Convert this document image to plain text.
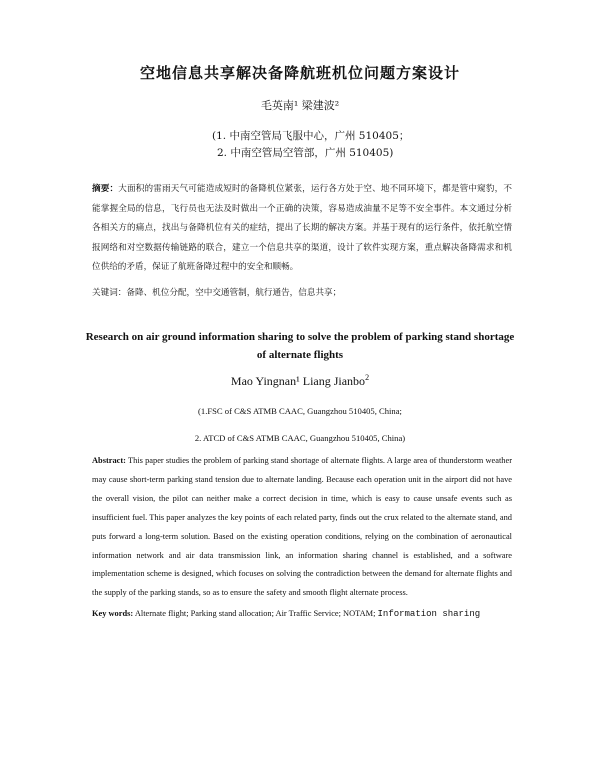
空地信息共享解决备降航班机位问题方案设计
毛英南¹ 梁建波²
(1. 中南空管局飞服中心，广州 510405；
2. 中南空管局空管部，广州 510405)
摘要：大面积的雷雨天气可能造成短时的备降机位紧张，运行各方处于空、地不同环境下，都是管中窥豹，不能掌握全局的信息，飞行员也无法及时做出一个正确的决策，容易造成油量不足等不安全事件。本文通过分析各相关方的痛点，找出与备降机位有关的症结，提出了长期的解决方案。并基于现有的运行条件，依托航空情报网络和对空数据传输链路的联合，建立一个信息共享的渠道，设计了软件实现方案，重点解决备降需求和机位供给的矛盾，保证了航班备降过程中的安全和顺畅。
关键词：备降、机位分配，空中交通管制，航行通告，信息共享；
Research on air ground information sharing to solve the problem of parking stand shortage of alternate flights
Mao Yingnan¹ Liang Jianbo$^2$
(1.FSC of C&S ATMB CAAC, Guangzhou 510405, China;
2. ATCD of C&S ATMB CAAC, Guangzhou 510405, China)
Abstract: This paper studies the problem of parking stand shortage of alternate flights. A large area of thunderstorm weather may cause short-term parking stand tension due to alternate landing. Because each operation unit in the airport did not have the overall vision, the pilot can neither make a correct decision in time, which is easy to cause unsafe events such as insufficient fuel. This paper analyzes the key points of each related party, finds out the crux related to the alternate stand, and puts forward a long-term solution. Based on the existing operation conditions, relying on the combination of aeronautical information network and air data transmission link, an information sharing channel is established, and a software implementation scheme is designed, which focuses on solving the contradiction between the demand for alternate flights and the supply of the parking stands, so as to ensure the safety and smooth flight alternate process.
Key words: Alternate flight; Parking stand allocation; Air Traffic Service; NOTAM; Information sharing
